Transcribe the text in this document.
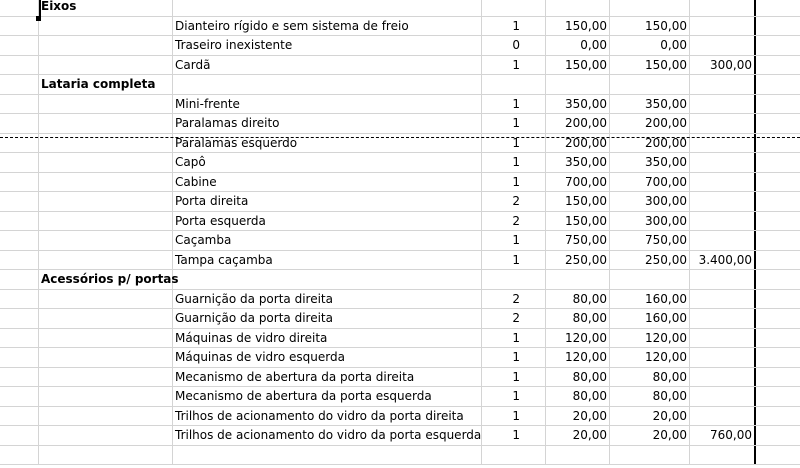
Eixos
Dianteiro rígido e sem sistema de freio	1	150,00	150,00
Traseiro inexistente	0	0,00	0,00
Cardã	1	150,00	150,00	300,00
Lataria completa
Mini-frente	1	350,00	350,00
Paralamas direito	1	200,00	200,00
Paralamas esquerdo	1	200,00	200,00
Capô	1	350,00	350,00
Cabine	1	700,00	700,00
Porta direita	2	150,00	300,00
Porta esquerda	2	150,00	300,00
Caçamba	1	750,00	750,00
Tampa caçamba	1	250,00	250,00 3.400,00
Acessórios p/ portas
Guarnição da porta direita	2	80,00	160,00
Guarnição da porta direita	2	80,00	160,00
Máquinas de vidro direita	1	120,00	120,00
Máquinas de vidro esquerda	1	120,00	120,00
Mecanismo de abertura da porta direita	1	80,00	80,00
Mecanismo de abertura da porta esquerda	1	80,00	80,00
Trilhos de acionamento do vidro da porta direita	1	20,00	20,00
Trilhos de acionamento do vidro da porta esquerda	1	20,00	20,00	760,00
